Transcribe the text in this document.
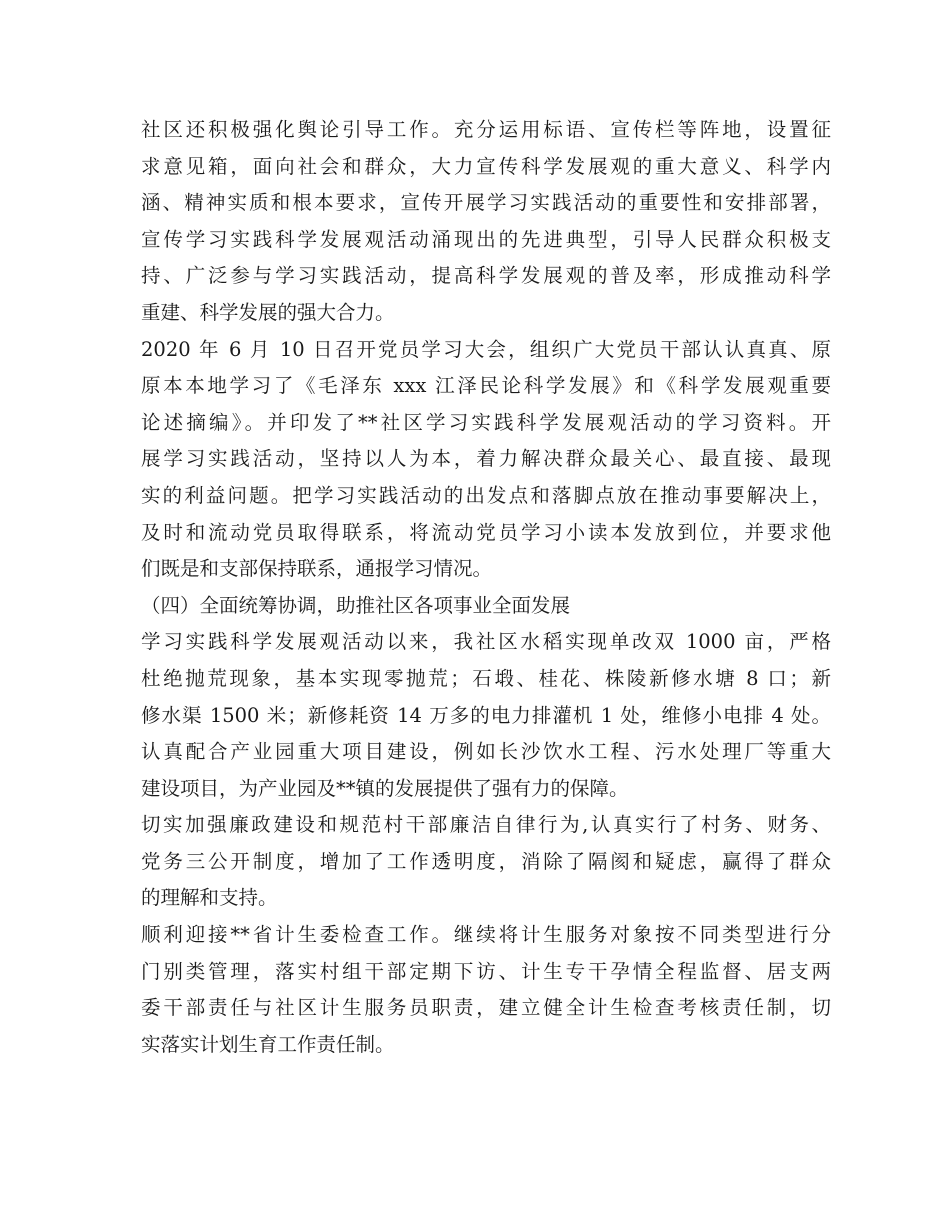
社区还积极强化舆论引导工作。充分运用标语、宣传栏等阵地，设置征
求意见箱，面向社会和群众，大力宣传科学发展观的重大意义、科学内
涵、精神实质和根本要求，宣传开展学习实践活动的重要性和安排部署，
宣传学习实践科学发展观活动涌现出的先进典型，引导人民群众积极支
持、广泛参与学习实践活动，提高科学发展观的普及率，形成推动科学
重建、科学发展的强大合力。
2020 年 6 月 10 日召开党员学习大会，组织广大党员干部认认真真、原
原本本地学习了《毛泽东 xxx 江泽民论科学发展》和《科学发展观重要
论述摘编》。并印发了**社区学习实践科学发展观活动的学习资料。开
展学习实践活动，坚持以人为本，着力解决群众最关心、最直接、最现
实的利益问题。把学习实践活动的出发点和落脚点放在推动事要解决上，
及时和流动党员取得联系，将流动党员学习小读本发放到位，并要求他
们既是和支部保持联系，通报学习情况。
（四）全面统筹协调，助推社区各项事业全面发展
学习实践科学发展观活动以来，我社区水稻实现单改双 1000 亩，严格
杜绝抛荒现象，基本实现零抛荒；石塅、桂花、株陵新修水塘 8 口；新
修水渠 1500 米；新修耗资 14 万多的电力排灌机 1 处，维修小电排 4 处。
认真配合产业园重大项目建设，例如长沙饮水工程、污水处理厂等重大
建设项目，为产业园及**镇的发展提供了强有力的保障。
切实加强廉政建设和规范村干部廉洁自律行为,认真实行了村务、财务、
党务三公开制度，增加了工作透明度，消除了隔阂和疑虑，赢得了群众
的理解和支持。
顺利迎接**省计生委检查工作。继续将计生服务对象按不同类型进行分
门别类管理，落实村组干部定期下访、计生专干孕情全程监督、居支两
委干部责任与社区计生服务员职责，建立健全计生检查考核责任制，切
实落实计划生育工作责任制。
